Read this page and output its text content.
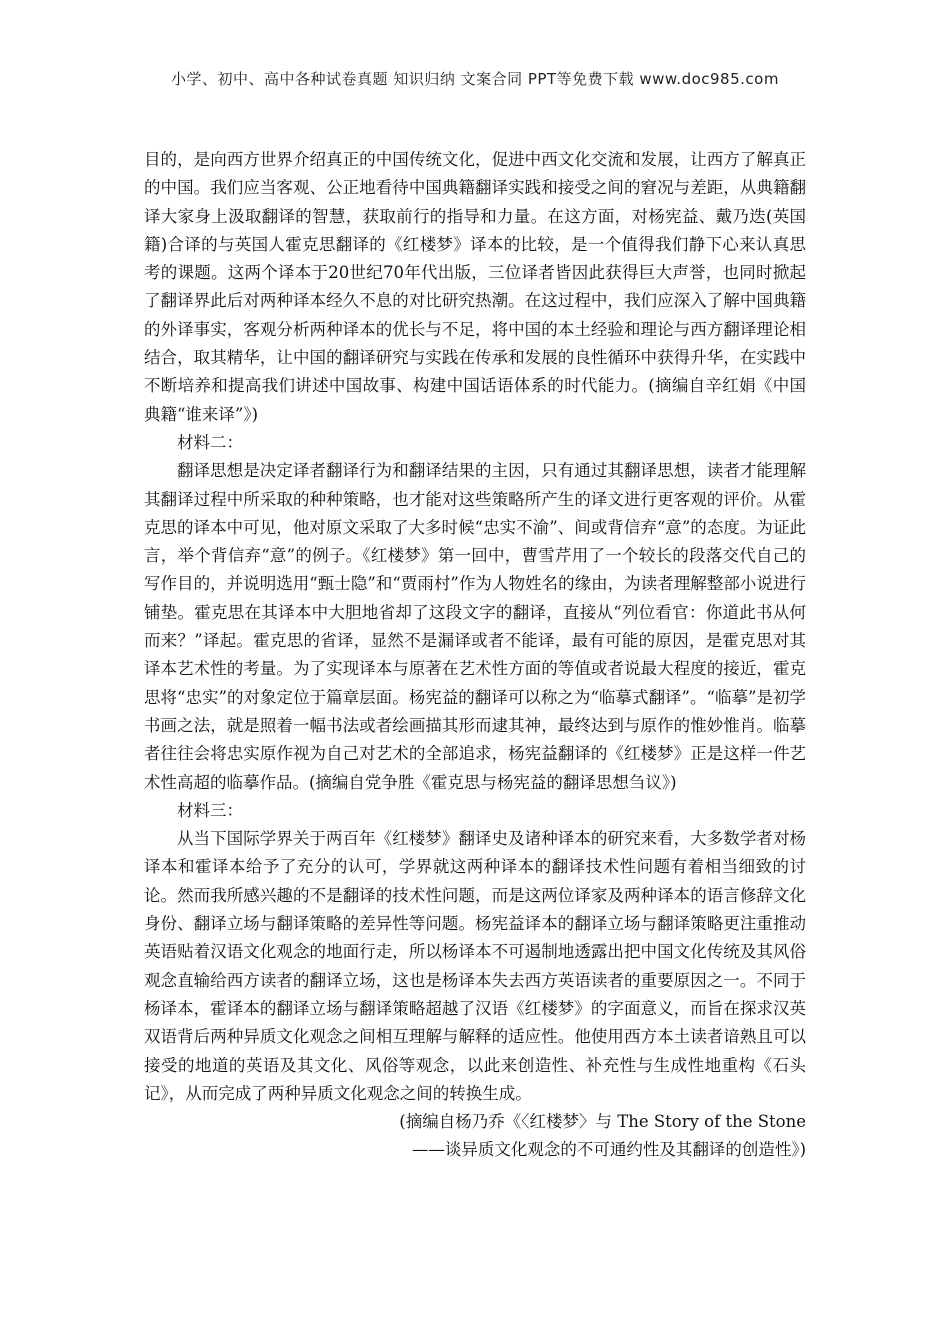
小学、初中、高中各种试卷真题 知识归纳 文案合同 PPT等免费下载 www.doc985.com

目的，是向西方世界介绍真正的中国传统文化，促进中西文化交流和发展，让西方了解真正的中国。我们应当客观、公正地看待中国典籍翻译实践和接受之间的窘况与差距，从典籍翻译大家身上汲取翻译的智慧，获取前行的指导和力量。在这方面，对杨宪益、戴乃迭(英国籍)合译的与英国人霍克思翻译的《红楼梦》译本的比较，是一个值得我们静下心来认真思考的课题。这两个译本于20世纪70年代出版，三位译者皆因此获得巨大声誉，也同时掀起了翻译界此后对两种译本经久不息的对比研究热潮。在这过程中，我们应深入了解中国典籍的外译事实，客观分析两种译本的优长与不足，将中国的本土经验和理论与西方翻译理论相结合，取其精华，让中国的翻译研究与实践在传承和发展的良性循环中获得升华，在实践中不断培养和提高我们讲述中国故事、构建中国话语体系的时代能力。(摘编自辛红娟《中国典籍“谁来译”》)

材料二：

翻译思想是决定译者翻译行为和翻译结果的主因，只有通过其翻译思想，读者才能理解其翻译过程中所采取的种种策略，也才能对这些策略所产生的译文进行更客观的评价。从霍克思的译本中可见，他对原文采取了大多时候“忠实不渝”、间或背信弃“意”的态度。为证此言，举个背信弃“意”的例子。《红楼梦》第一回中，曹雪芹用了一个较长的段落交代自己的写作目的，并说明选用“甄士隐”和“贾雨村”作为人物姓名的缘由，为读者理解整部小说进行铺垫。霍克思在其译本中大胆地省却了这段文字的翻译，直接从“列位看官：你道此书从何而来？”译起。霍克思的省译，显然不是漏译或者不能译，最有可能的原因，是霍克思对其译本艺术性的考量。为了实现译本与原著在艺术性方面的等值或者说最大程度的接近，霍克思将“忠实”的对象定位于篇章层面。杨宪益的翻译可以称之为“临摹式翻译”。“临摹”是初学书画之法，就是照着一幅书法或者绘画描其形而逮其神，最终达到与原作的惟妙惟肖。临摹者往往会将忠实原作视为自己对艺术的全部追求，杨宪益翻译的《红楼梦》正是这样一件艺术性高超的临摹作品。(摘编自党争胜《霍克思与杨宪益的翻译思想刍议》)

材料三：

从当下国际学界关于两百年《红楼梦》翻译史及诸种译本的研究来看，大多数学者对杨译本和霍译本给予了充分的认可，学界就这两种译本的翻译技术性问题有着相当细致的讨论。然而我所感兴趣的不是翻译的技术性问题，而是这两位译家及两种译本的语言修辞文化身份、翻译立场与翻译策略的差异性等问题。杨宪益译本的翻译立场与翻译策略更注重推动英语贴着汉语文化观念的地面行走，所以杨译本不可遏制地透露出把中国文化传统及其风俗观念直输给西方读者的翻译立场，这也是杨译本失去西方英语读者的重要原因之一。不同于杨译本，霍译本的翻译立场与翻译策略超越了汉语《红楼梦》的字面意义，而旨在探求汉英双语背后两种异质文化观念之间相互理解与解释的适应性。他使用西方本土读者谙熟且可以接受的地道的英语及其文化、风俗等观念，以此来创造性、补充性与生成性地重构《石头记》，从而完成了两种异质文化观念之间的转换生成。

(摘编自杨乃乔《〈红楼梦〉与 The Story of the Stone

——谈异质文化观念的不可通约性及其翻译的创造性》)
